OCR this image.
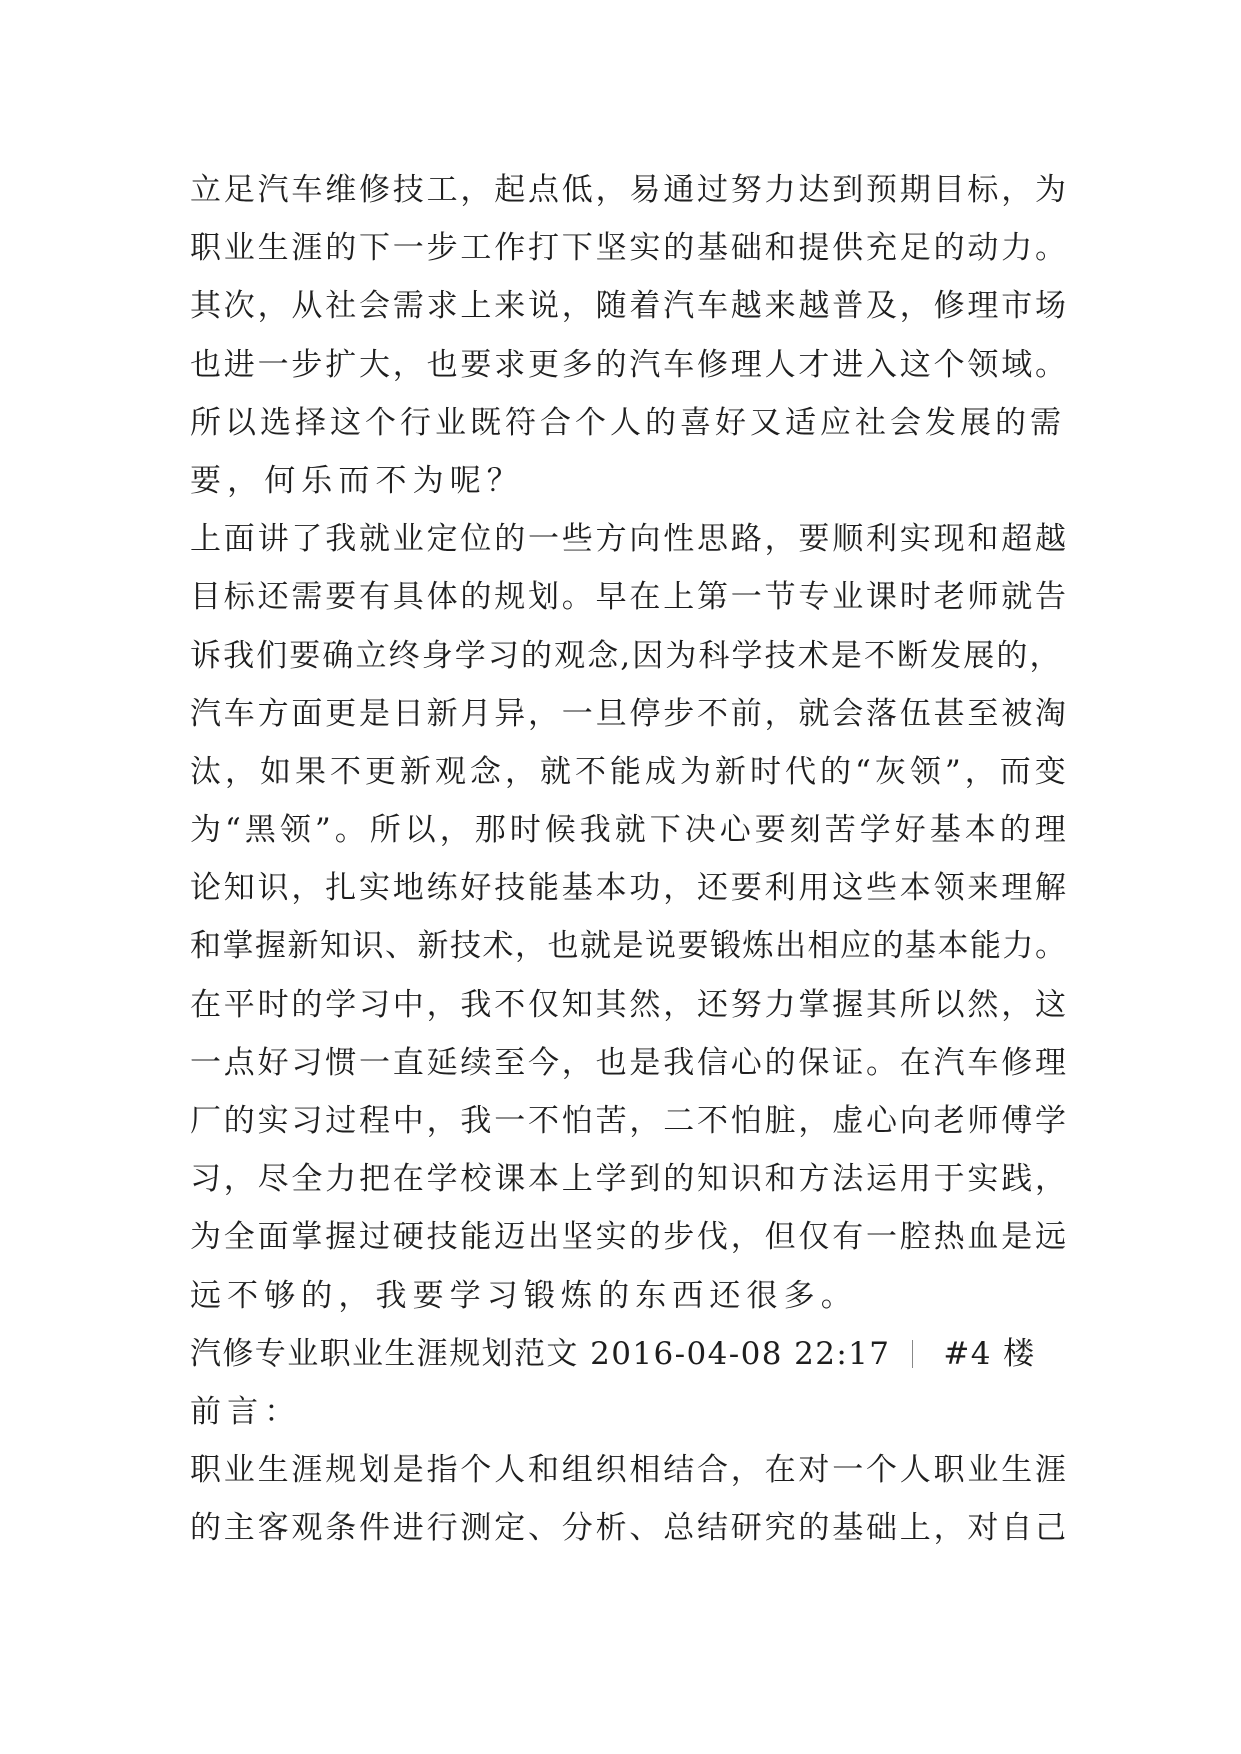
立足汽车维修技工，起点低，易通过努力达到预期目标，为
职业生涯的下一步工作打下坚实的基础和提供充足的动力。
其次，从社会需求上来说，随着汽车越来越普及，修理市场
也进一步扩大，也要求更多的汽车修理人才进入这个领域。
所以选择这个行业既符合个人的喜好又适应社会发展的需
要，何乐而不为呢？
上面讲了我就业定位的一些方向性思路，要顺利实现和超越
目标还需要有具体的规划。早在上第一节专业课时老师就告
诉我们要确立终身学习的观念,因为科学技术是不断发展的，
汽车方面更是日新月异，一旦停步不前，就会落伍甚至被淘
汰，如果不更新观念，就不能成为新时代的“灰领”，而变
为“黑领”。所以，那时候我就下决心要刻苦学好基本的理
论知识，扎实地练好技能基本功，还要利用这些本领来理解
和掌握新知识、新技术，也就是说要锻炼出相应的基本能力。
在平时的学习中，我不仅知其然，还努力掌握其所以然，这
一点好习惯一直延续至今，也是我信心的保证。在汽车修理
厂的实习过程中，我一不怕苦，二不怕脏，虚心向老师傅学
习，尽全力把在学校课本上学到的知识和方法运用于实践，
为全面掌握过硬技能迈出坚实的步伐，但仅有一腔热血是远
远不够的，我要学习锻炼的东西还很多。
汽修专业职业生涯规划范文 2016-04-08 22:17 #4 楼
前言：
职业生涯规划是指个人和组织相结合，在对一个人职业生涯
的主客观条件进行测定、分析、总结研究的基础上，对自己
